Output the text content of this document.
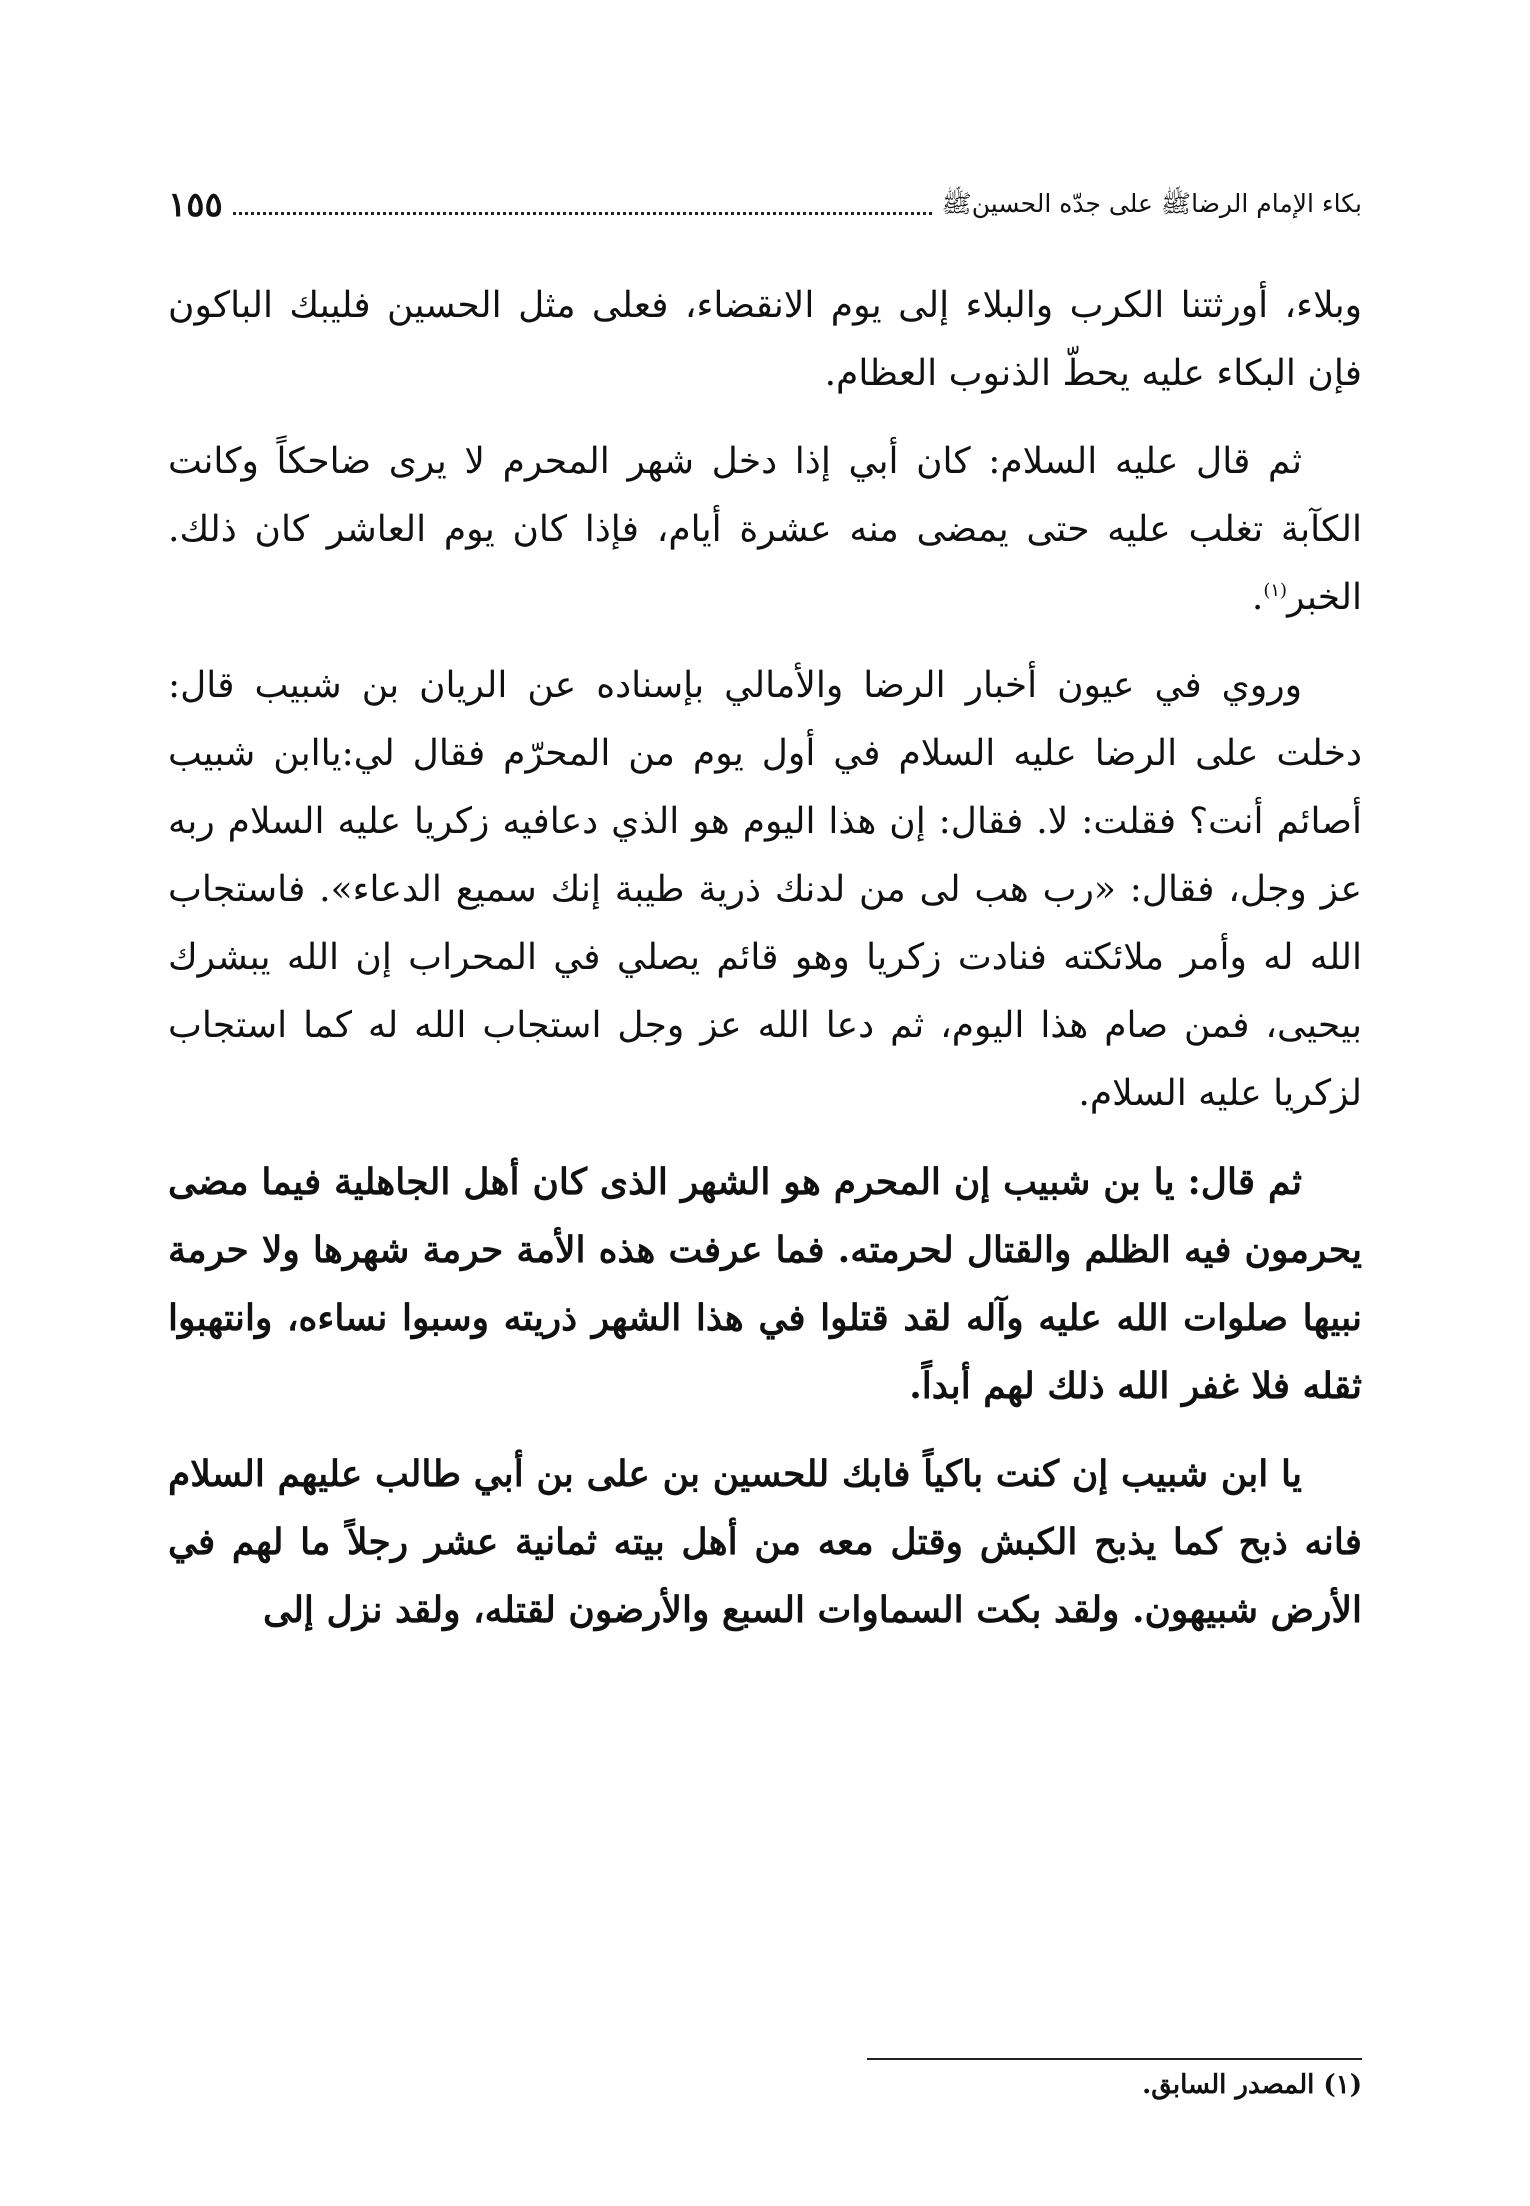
بكاء الإمام الرضاﷺ على جدّه الحسينﷺ
١٥٥

وبلاء، أورثتنا الكرب والبلاء إلى يوم الانقضاء، فعلى مثل الحسين فليبك الباكون فإن البكاء عليه يحطّ الذنوب العظام.

ثم قال عليه السلام: كان أبي إذا دخل شهر المحرم لا يرى ضاحكاً وكانت الكآبة تغلب عليه حتى يمضى منه عشرة أيام، فإذا كان يوم العاشر كان ذلك. الخبر$^{(١)}$.

وروي في عيون أخبار الرضا والأمالي بإسناده عن الريان بن شبيب قال: دخلت على الرضا عليه السلام في أول يوم من المحرّم فقال لي:ياابن شبيب أصائم أنت؟ فقلت: لا. فقال: إن هذا اليوم هو الذي دعافيه زكريا عليه السلام ربه عز وجل، فقال: «رب هب لى من لدنك ذرية طيبة إنك سميع الدعاء». فاستجاب الله له وأمر ملائكته فنادت زكريا وهو قائم يصلي في المحراب إن الله يبشرك بيحيى، فمن صام هذا اليوم، ثم دعا الله عز وجل استجاب الله له كما استجاب لزكريا عليه السلام.

ثم قال: يا بن شبيب إن المحرم هو الشهر الذى كان أهل الجاهلية فيما مضى يحرمون فيه الظلم والقتال لحرمته. فما عرفت هذه الأمة حرمة شهرها ولا حرمة نبيها صلوات الله عليه وآله لقد قتلوا في هذا الشهر ذريته وسبوا نساءه، وانتهبوا ثقله فلا غفر الله ذلك لهم أبداً.

يا ابن شبيب إن كنت باكياً فابك للحسين بن على بن أبي طالب عليهم السلام فانه ذبح كما يذبح الكبش وقتل معه من أهل بيته ثمانية عشر رجلاً ما لهم في الأرض شبيهون. ولقد بكت السماوات السبع والأرضون لقتله، ولقد نزل إلى

(١) المصدر السابق.
